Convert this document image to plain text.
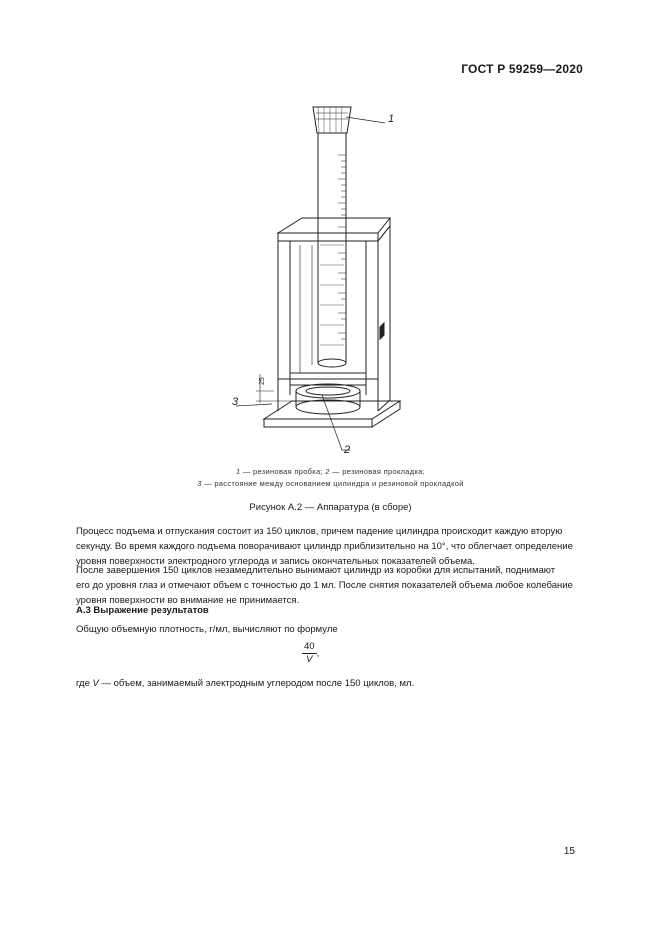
ГОСТ Р 59259—2020
1
2
3
25
1 — резиновая пробка; 2 — резиновая прокладка;
3 — расстояние между основанием цилиндра и резиновой прокладкой
Рисунок А.2 — Аппаратура (в сборе)
Процесс подъема и отпускания состоит из 150 циклов, причем падение цилиндра происходит каждую вторую
секунду. Во время каждого подъема поворачивают цилиндр приблизительно на 10°, что облегчает определение
уровня поверхности электродного углерода и запись окончательных показателей объема.
После завершения 150 циклов незамедлительно вынимают цилиндр из коробки для испытаний, поднимают
его до уровня глаз и отмечают объем с точностью до 1 мл. После снятия показателей объема любое колебание
уровня поверхности во внимание не принимается.
А.3 Выражение результатов
Общую объемную плотность, г/мл, вычисляют по формуле
$\frac{40}{V}$ ,
где V — объем, занимаемый электродным углеродом после 150 циклов, мл.
15
